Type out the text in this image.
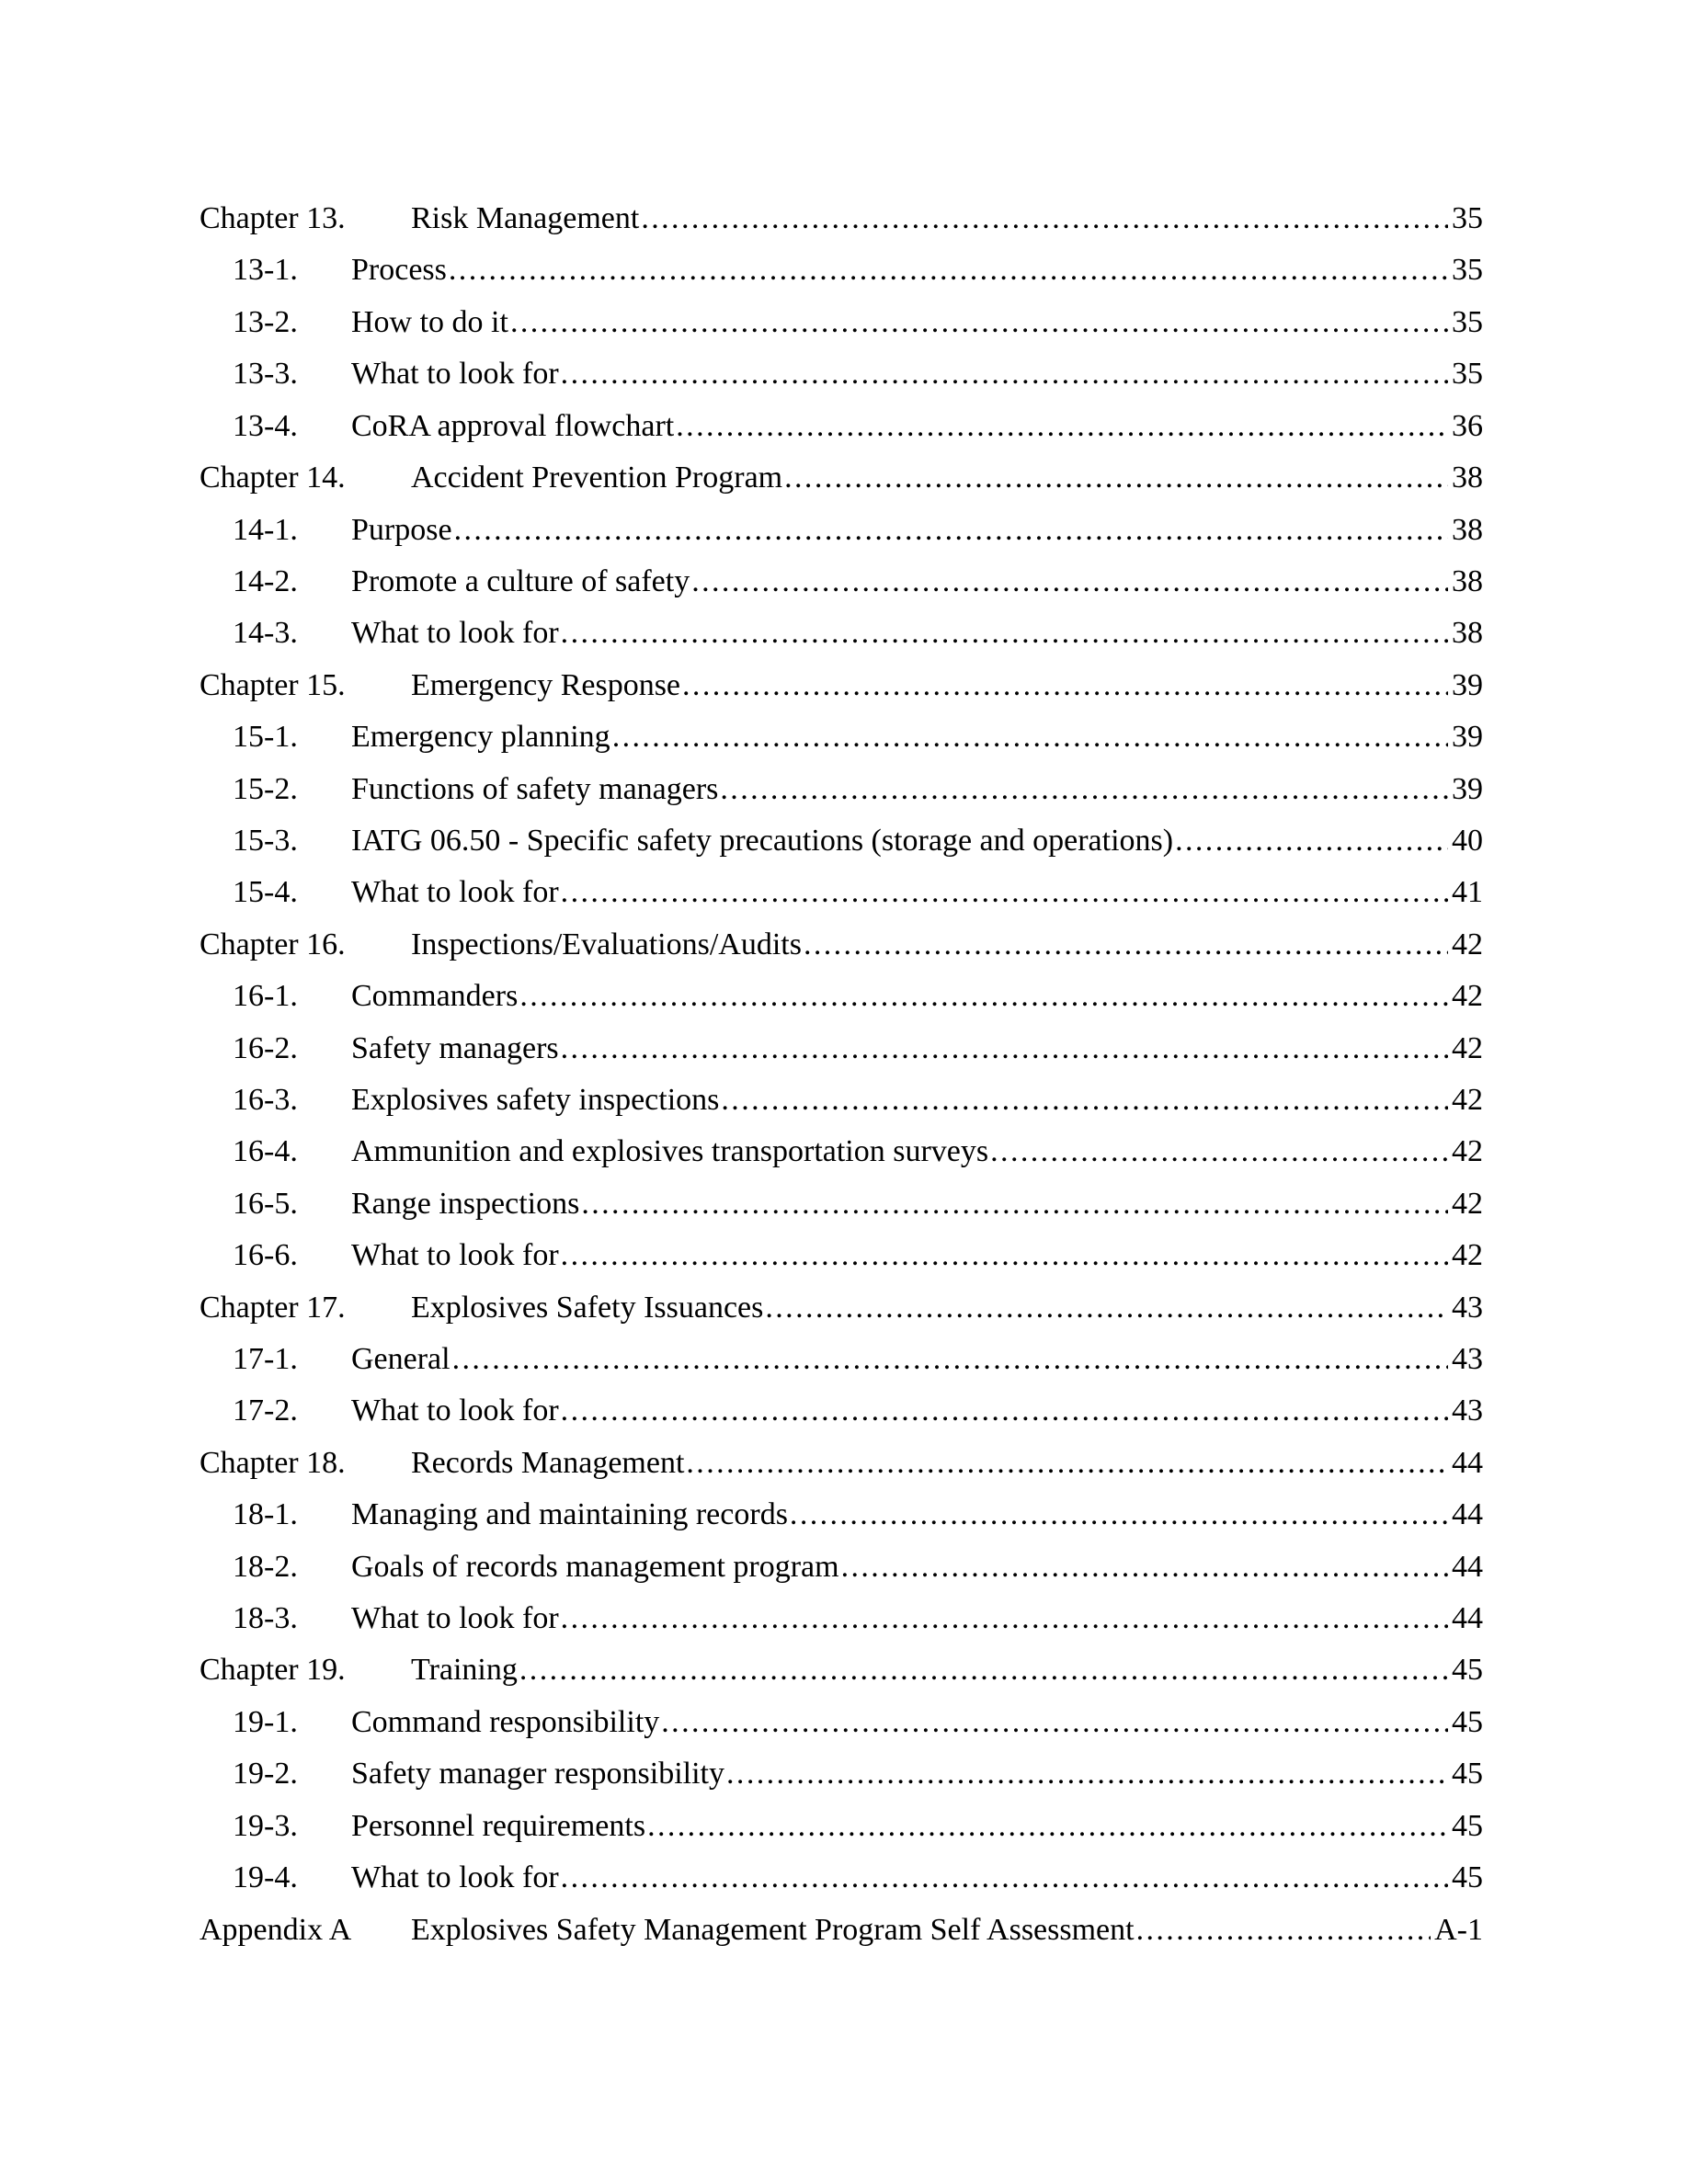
Chapter 13. Risk Management .....	35
13-1. Process .....	35
13-2. How to do it .....	35
13-3. What to look for .....	35
13-4. CoRA approval flowchart .....	36
Chapter 14. Accident Prevention Program .....	38
14-1. Purpose .....	38
14-2. Promote a culture of safety .....	38
14-3. What to look for .....	38
Chapter 15. Emergency Response .....	39
15-1. Emergency planning .....	39
15-2. Functions of safety managers .....	39
15-3. IATG 06.50 - Specific safety precautions (storage and operations) .....	40
15-4. What to look for .....	41
Chapter 16. Inspections/Evaluations/Audits .....	42
16-1. Commanders .....	42
16-2. Safety managers .....	42
16-3. Explosives safety inspections .....	42
16-4. Ammunition and explosives transportation surveys .....	42
16-5. Range inspections .....	42
16-6. What to look for .....	42
Chapter 17. Explosives Safety Issuances .....	43
17-1. General .....	43
17-2. What to look for .....	43
Chapter 18. Records Management .....	44
18-1. Managing and maintaining records .....	44
18-2. Goals of records management program .....	44
18-3. What to look for .....	44
Chapter 19. Training .....	45
19-1. Command responsibility .....	45
19-2. Safety manager responsibility .....	45
19-3. Personnel requirements .....	45
19-4. What to look for .....	45
Appendix A Explosives Safety Management Program Self Assessment .....	A-1
